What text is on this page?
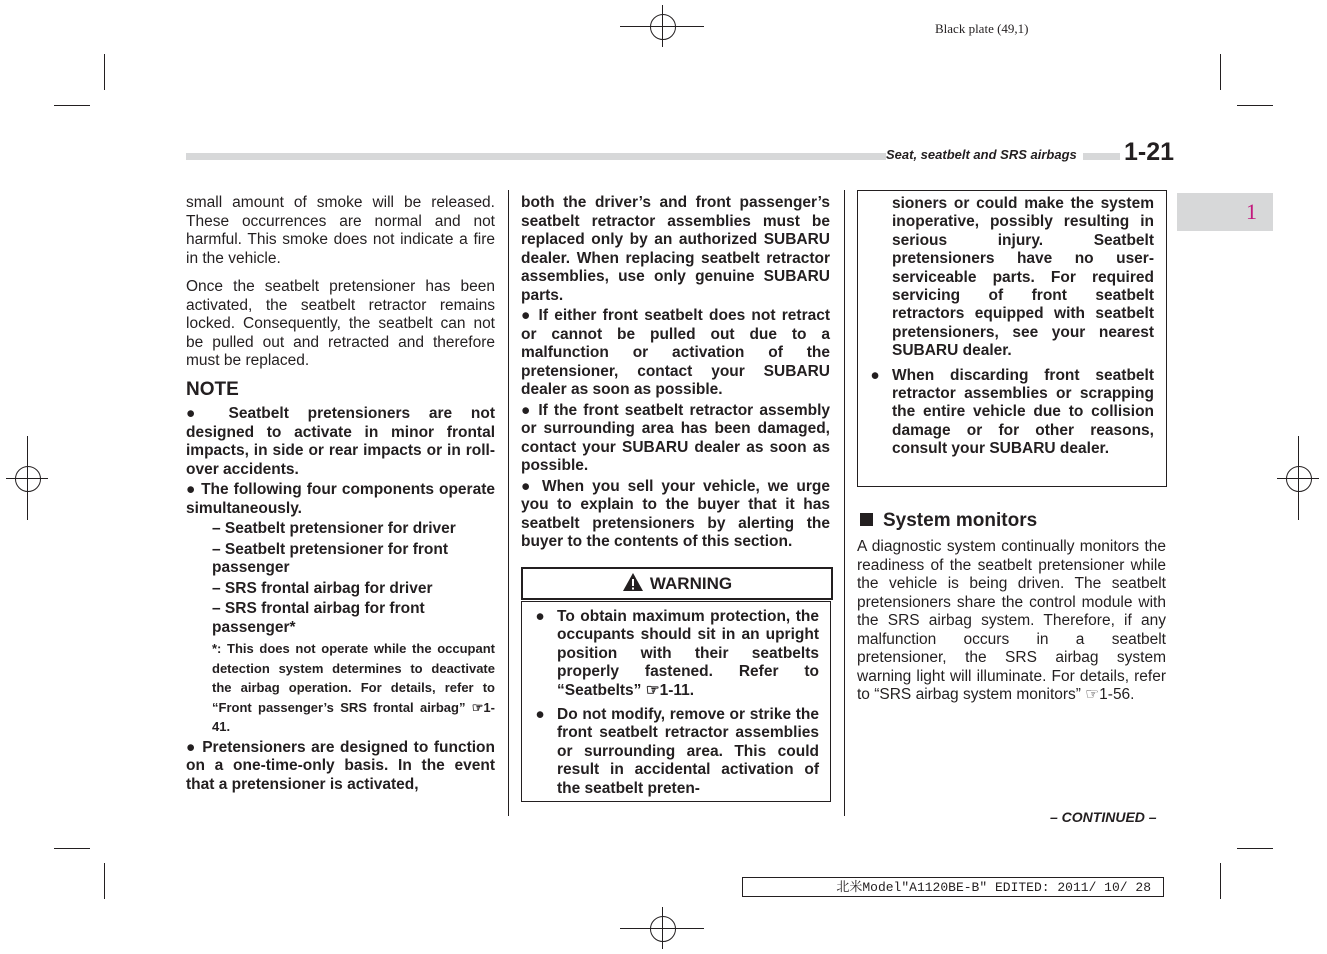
Black plate (49,1)
Seat, seatbelt and SRS airbags 1-21
1

small amount of smoke will be released. These occurrences are normal and not harmful. This smoke does not indicate a fire in the vehicle.

Once the seatbelt pretensioner has been activated, the seatbelt retractor remains locked. Consequently, the seatbelt can not be pulled out and retracted and therefore must be replaced.

NOTE
● Seatbelt pretensioners are not designed to activate in minor frontal impacts, in side or rear impacts or in roll-over accidents.
● The following four components operate simultaneously.
– Seatbelt pretensioner for driver
– Seatbelt pretensioner for front passenger
– SRS frontal airbag for driver
– SRS frontal airbag for front passenger*
*: This does not operate while the occupant detection system determines to deactivate the airbag operation. For details, refer to “Front passenger’s SRS frontal airbag” ☞1-41.
● Pretensioners are designed to function on a one-time-only basis. In the event that a pretensioner is activated,

both the driver’s and front passenger’s seatbelt retractor assemblies must be replaced only by an authorized SUBARU dealer. When replacing seatbelt retractor assemblies, use only genuine SUBARU parts.

● If either front seatbelt does not retract or cannot be pulled out due to a malfunction or activation of the pretensioner, contact your SUBARU dealer as soon as possible.

● If the front seatbelt retractor assembly or surrounding area has been damaged, contact your SUBARU dealer as soon as possible.

● When you sell your vehicle, we urge you to explain to the buyer that it has seatbelt pretensioners by alerting the buyer to the contents of this section.

WARNING
● To obtain maximum protection, the occupants should sit in an upright position with their seatbelts properly fastened. Refer to “Seatbelts” ☞1-11.
● Do not modify, remove or strike the front seatbelt retractor assemblies or surrounding area. This could result in accidental activation of the seatbelt preten-
sioners or could make the system inoperative, possibly resulting in serious injury. Seatbelt pretensioners have no user-serviceable parts. For required servicing of front seatbelt retractors equipped with seatbelt pretensioners, see your nearest SUBARU dealer.
● When discarding front seatbelt retractor assemblies or scrapping the entire vehicle due to collision damage or for other reasons, consult your SUBARU dealer.
System monitors

A diagnostic system continually monitors the readiness of the seatbelt pretensioner while the vehicle is being driven. The seatbelt pretensioners share the control module with the SRS airbag system. Therefore, if any malfunction occurs in a seatbelt pretensioner, the SRS airbag system warning light will illuminate. For details, refer to “SRS airbag system monitors” ☞1-56.

– CONTINUED –
北米Model"A1120BE-B" EDITED: 2011/ 10/ 28
